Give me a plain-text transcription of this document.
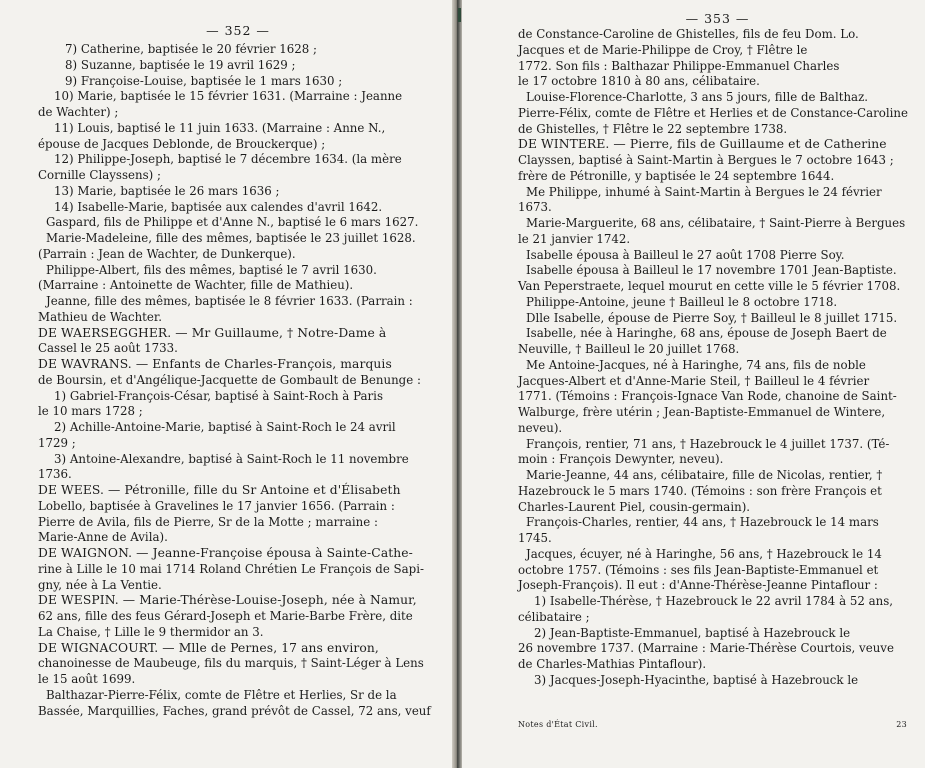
— 352 —
7) Catherine, baptisée le 20 février 1628 ;
8) Suzanne, baptisée le 19 avril 1629 ;
9) Françoise-Louise, baptisée le 1 mars 1630 ;
10) Marie, baptisée le 15 février 1631. (Marraine : Jeanne
de Wachter) ;
11) Louis, baptisé le 11 juin 1633. (Marraine : Anne N.,
épouse de Jacques Deblonde, de Brouckerque) ;
12) Philippe-Joseph, baptisé le 7 décembre 1634. (la mère
Cornille Clayssens) ;
13) Marie, baptisée le 26 mars 1636 ;
14) Isabelle-Marie, baptisée aux calendes d'avril 1642.
Gaspard, fils de Philippe et d'Anne N., baptisé le 6 mars 1627.
Marie-Madeleine, fille des mêmes, baptisée le 23 juillet 1628.
(Parrain : Jean de Wachter, de Dunkerque).
Philippe-Albert, fils des mêmes, baptisé le 7 avril 1630.
(Marraine : Antoinette de Wachter, fille de Mathieu).
Jeanne, fille des mêmes, baptisée le 8 février 1633. (Parrain :
Mathieu de Wachter.
DE WAERSEGGHER. — Mr Guillaume, † Notre-Dame à
Cassel le 25 août 1733.
DE WAVRANS. — Enfants de Charles-François, marquis
de Boursin, et d'Angélique-Jacquette de Gombault de Benunge :
1) Gabriel-François-César, baptisé à Saint-Roch à Paris
le 10 mars 1728 ;
2) Achille-Antoine-Marie, baptisé à Saint-Roch le 24 avril
1729 ;
3) Antoine-Alexandre, baptisé à Saint-Roch le 11 novembre
1736.
DE WEES. — Pétronille, fille du Sr Antoine et d'Élisabeth
Lobello, baptisée à Gravelines le 17 janvier 1656. (Parrain :
Pierre de Avila, fils de Pierre, Sr de la Motte ; marraine :
Marie-Anne de Avila).
DE WAIGNON. — Jeanne-Françoise épousa à Sainte-Cathe-
rine à Lille le 10 mai 1714 Roland Chrétien Le François de Sapi-
gny, née à La Ventie.
DE WESPIN. — Marie-Thérèse-Louise-Joseph, née à Namur,
62 ans, fille des feus Gérard-Joseph et Marie-Barbe Frère, dite
La Chaise, † Lille le 9 thermidor an 3.
DE WIGNACOURT. — Mlle de Pernes, 17 ans environ,
chanoinesse de Maubeuge, fils du marquis, † Saint-Léger à Lens
le 15 août 1699.
Balthazar-Pierre-Félix, comte de Flêtre et Herlies, Sr de la
Bassée, Marquillies, Faches, grand prévôt de Cassel, 72 ans, veuf
— 353 —
de Constance-Caroline de Ghistelles, fils de feu Dom. Lo.
Jacques et de Marie-Philippe de Croy, † Flêtre le
1772. Son fils : Balthazar Philippe-Emmanuel Charles
le 17 octobre 1810 à 80 ans, célibataire.
Louise-Florence-Charlotte, 3 ans 5 jours, fille de Balthaz.
Pierre-Félix, comte de Flêtre et Herlies et de Constance-Caroline
de Ghistelles, † Flêtre le 22 septembre 1738.
DE WINTERE. — Pierre, fils de Guillaume et de Catherine
Clayssen, baptisé à Saint-Martin à Bergues le 7 octobre 1643 ;
frère de Pétronille, y baptisée le 24 septembre 1644.
Me Philippe, inhumé à Saint-Martin à Bergues le 24 février
1673.
Marie-Marguerite, 68 ans, célibataire, † Saint-Pierre à Bergues
le 21 janvier 1742.
Isabelle épousa à Bailleul le 27 août 1708 Pierre Soy.
Isabelle épousa à Bailleul le 17 novembre 1701 Jean-Baptiste.
Van Peperstraete, lequel mourut en cette ville le 5 février 1708.
Philippe-Antoine, jeune † Bailleul le 8 octobre 1718.
Dlle Isabelle, épouse de Pierre Soy, † Bailleul le 8 juillet 1715.
Isabelle, née à Haringhe, 68 ans, épouse de Joseph Baert de
Neuville, † Bailleul le 20 juillet 1768.
Me Antoine-Jacques, né à Haringhe, 74 ans, fils de noble
Jacques-Albert et d'Anne-Marie Steil, † Bailleul le 4 février
1771. (Témoins : François-Ignace Van Rode, chanoine de Saint-
Walburge, frère utérin ; Jean-Baptiste-Emmanuel de Wintere,
neveu).
François, rentier, 71 ans, † Hazebrouck le 4 juillet 1737. (Té-
moin : François Dewynter, neveu).
Marie-Jeanne, 44 ans, célibataire, fille de Nicolas, rentier, †
Hazebrouck le 5 mars 1740. (Témoins : son frère François et
Charles-Laurent Piel, cousin-germain).
François-Charles, rentier, 44 ans, † Hazebrouck le 14 mars
1745.
Jacques, écuyer, né à Haringhe, 56 ans, † Hazebrouck le 14
octobre 1757. (Témoins : ses fils Jean-Baptiste-Emmanuel et
Joseph-François). Il eut : d'Anne-Thérèse-Jeanne Pintaflour :
1) Isabelle-Thérèse, † Hazebrouck le 22 avril 1784 à 52 ans,
célibataire ;
2) Jean-Baptiste-Emmanuel, baptisé à Hazebrouck le
26 novembre 1737. (Marraine : Marie-Thérèse Courtois, veuve
de Charles-Mathias Pintaflour).
3) Jacques-Joseph-Hyacinthe, baptisé à Hazebrouck le
Notes d'État Civil.	23
